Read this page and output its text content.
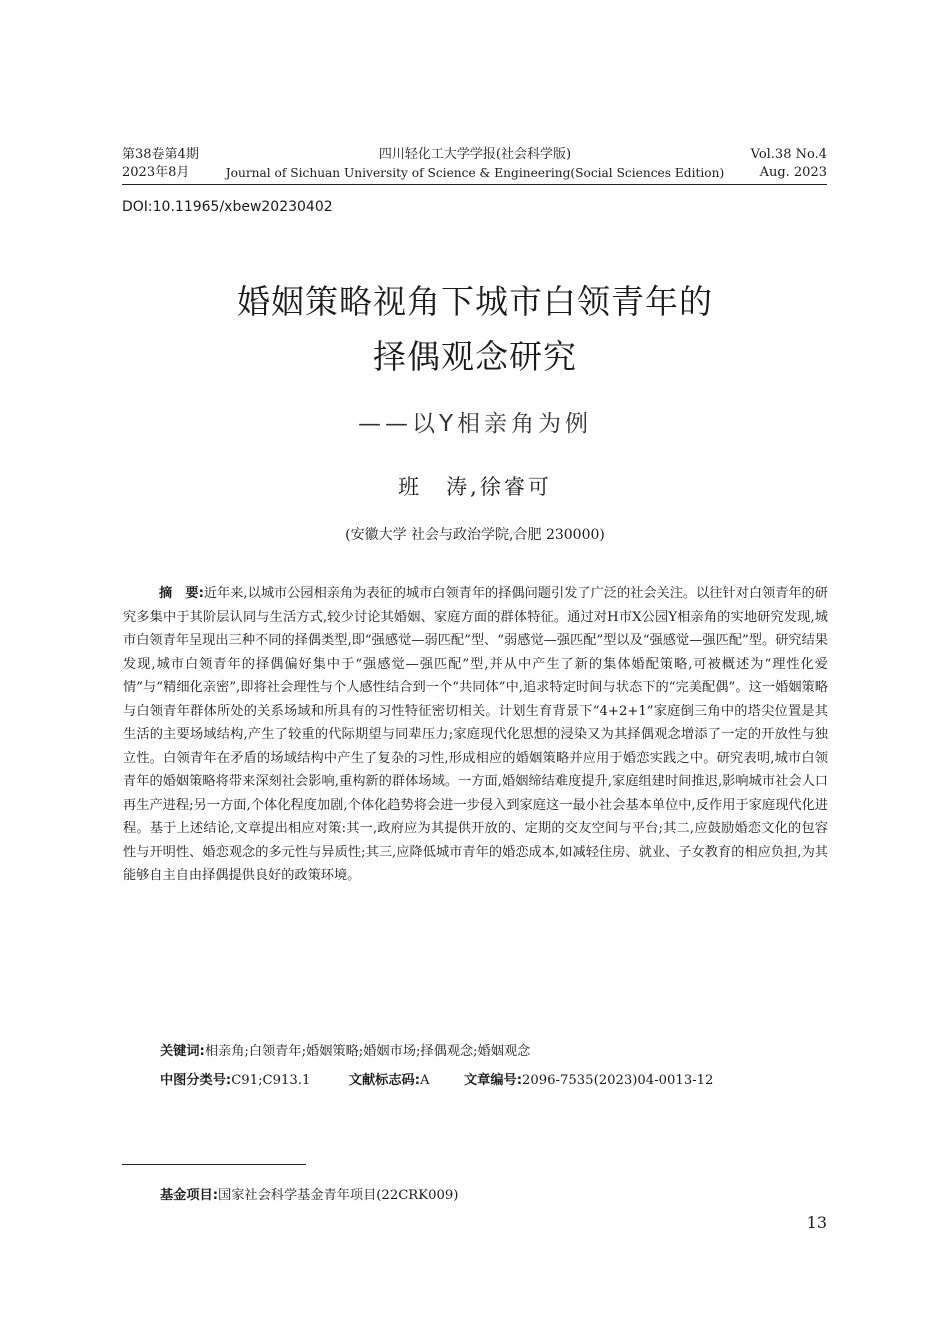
第38卷第4期
2023年8月
四川轻化工大学学报(社会科学版)
Journal of Sichuan University of Science & Engineering(Social Sciences Edition)
Vol.38 No.4
Aug. 2023
DOI:10.11965/xbew20230402
婚姻策略视角下城市白领青年的
择偶观念研究
——以Y相亲角为例
班　涛,徐睿可
(安徽大学 社会与政治学院,合肥 230000)
摘　要:近年来,以城市公园相亲角为表征的城市白领青年的择偶问题引发了广泛的社会关注。以往针对白领青年的研究多集中于其阶层认同与生活方式,较少讨论其婚姻、家庭方面的群体特征。通过对H市X公园Y相亲角的实地研究发现,城市白领青年呈现出三种不同的择偶类型,即“强感觉—弱匹配”型、“弱感觉—强匹配”型以及“强感觉—强匹配”型。研究结果发现,城市白领青年的择偶偏好集中于“强感觉—强匹配”型,并从中产生了新的集体婚配策略,可被概述为“理性化爱情”与“精细化亲密”,即将社会理性与个人感性结合到一个“共同体”中,追求特定时间与状态下的“完美配偶”。这一婚姻策略与白领青年群体所处的关系场域和所具有的习性特征密切相关。计划生育背景下“4+2+1”家庭倒三角中的塔尖位置是其生活的主要场域结构,产生了较重的代际期望与同辈压力;家庭现代化思想的浸染又为其择偶观念增添了一定的开放性与独立性。白领青年在矛盾的场域结构中产生了复杂的习性,形成相应的婚姻策略并应用于婚恋实践之中。研究表明,城市白领青年的婚姻策略将带来深刻社会影响,重构新的群体场域。一方面,婚姻缔结难度提升,家庭组建时间推迟,影响城市社会人口再生产进程;另一方面,个体化程度加剧,个体化趋势将会进一步侵入到家庭这一最小社会基本单位中,反作用于家庭现代化进程。基于上述结论,文章提出相应对策:其一,政府应为其提供开放的、定期的交友空间与平台;其二,应鼓励婚恋文化的包容性与开明性、婚恋观念的多元性与异质性;其三,应降低城市青年的婚恋成本,如减轻住房、就业、子女教育的相应负担,为其能够自主自由择偶提供良好的政策环境。
关键词:相亲角;白领青年;婚姻策略;婚姻市场;择偶观念;婚姻观念
中图分类号:C91;C913.1	文献标志码:A	文章编号:2096-7535(2023)04-0013-12
基金项目:国家社会科学基金青年项目(22CRK009)
13
